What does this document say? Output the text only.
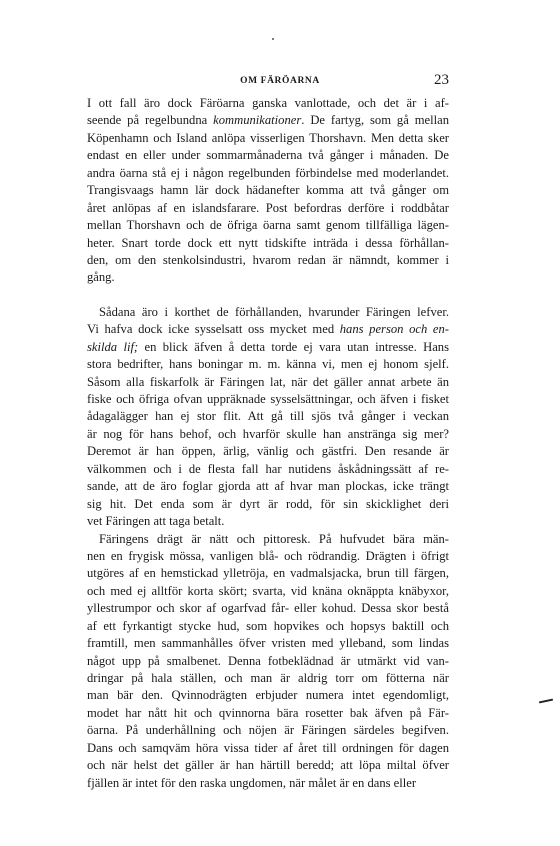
OM FÄRÖARNA	23
I ott fall äro dock Färöarna ganska vanlottade, och det är i af-
seende på regelbundna kommunikationer. De fartyg, som gå mellan
Köpenhamn och Island anlöpa visserligen Thorshavn. Men detta sker
endast en eller under sommarmånaderna två gånger i månaden. De
andra öarna stå ej i någon regelbunden förbindelse med moderlandet.
Trangisvaags hamn lär dock hädanefter komma att två gånger om
året anlöpas af en islandsfarare. Post befordras derföre i roddbåtar
mellan Thorshavn och de öfriga öarna samt genom tillfälliga lägen-
heter. Snart torde dock ett nytt tidskifte inträda i dessa förhållan-
den, om den stenkolsindustri, hvarom redan är nämndt, kommer i
gång.
Sådana äro i korthet de förhållanden, hvarunder Färingen lefver.
Vi hafva dock icke sysselsatt oss mycket med hans person och en-
skilda lif; en blick äfven å detta torde ej vara utan intresse. Hans
stora bedrifter, hans boningar m. m. känna vi, men ej honom sjelf.
Såsom alla fiskarfolk är Färingen lat, när det gäller annat arbete än
fiske och öfriga ofvan uppräknade sysselsättningar, och äfven i fisket
ådagalägger han ej stor flit. Att gå till sjös två gånger i veckan
är nog för hans behof, och hvarför skulle han anstränga sig mer?
Deremot är han öppen, ärlig, vänlig och gästfri. Den resande är
välkommen och i de flesta fall har nutidens åskådningssätt af re-
sande, att de äro foglar gjorda att af hvar man plockas, icke trängt
sig hit. Det enda som är dyrt är rodd, för sin skicklighet deri
vet Färingen att taga betalt.
Färingens drägt är nätt och pittoresk. På hufvudet bära män-
nen en frygisk mössa, vanligen blå- och rödrandig. Drägten i öfrigt
utgöres af en hemstickad ylletröja, en vadmalsjacka, brun till färgen,
och med ej alltför korta skört; svarta, vid knäna oknäppta knäbyxor,
yllestrumpor och skor af ogarfvad får- eller kohud. Dessa skor bestå
af ett fyrkantigt stycke hud, som hopvikes och hopsys baktill och
framtill, men sammanhålles öfver vristen med ylleband, som lindas
något upp på smalbenet. Denna fotbeklädnad är utmärkt vid van-
dringar på hala ställen, och man är aldrig torr om fötterna när
man bär den. Qvinnodrägten erbjuder numera intet egendomligt,
modet har nått hit och qvinnorna bära rosetter bak äfven på Fär-
öarna. På underhållning och nöjen är Färingen särdeles begifven.
Dans och samqväm höra vissa tider af året till ordningen för dagen
och när helst det gäller är han härtill beredd; att löpa miltal öfver
fjällen är intet för den raska ungdomen, när målet är en dans eller
